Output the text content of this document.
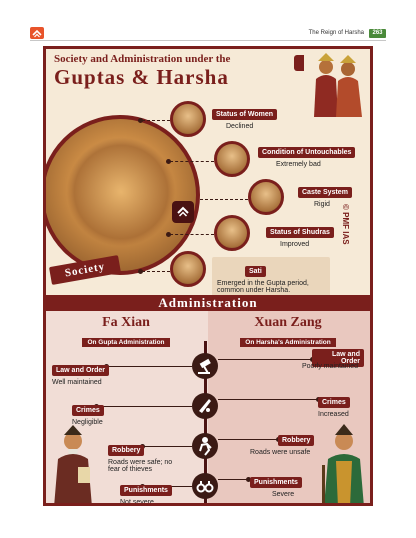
The Reign of Harsha	263
Society and Administration under the
Guptas & Harsha
Society
Status of Women
Declined
Condition of Untouchables
Extremely bad
Caste System
Rigid
Status of Shudras
Improved
Sati
Emerged in the Gupta period, common under Harsha.
© PMF IAS
Administration
Fa Xian
On Gupta Administration
Xuan Zang
On Harsha's Administration
Law and Order
Well maintained
Law and Order
Poorly maintained
Crimes
Negligible
Crimes
Increased
Robbery
Roads were safe; no fear of thieves
Robbery
Roads were unsafe
Punishments
Not severe
Punishments
Severe
